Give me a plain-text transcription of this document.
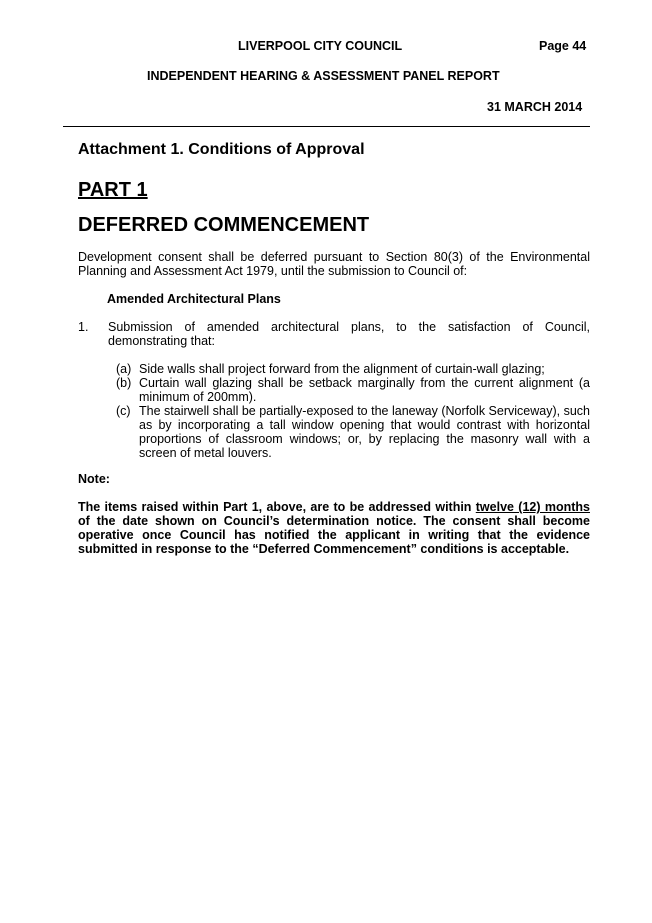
LIVERPOOL CITY COUNCIL	Page 44
INDEPENDENT HEARING & ASSESSMENT PANEL REPORT
31 MARCH 2014
Attachment 1. Conditions of Approval
PART 1
DEFERRED COMMENCEMENT
Development consent shall be deferred pursuant to Section 80(3) of the Environmental Planning and Assessment Act 1979, until the submission to Council of:
Amended Architectural Plans
1. Submission of amended architectural plans, to the satisfaction of Council, demonstrating that:
(a) Side walls shall project forward from the alignment of curtain-wall glazing;
(b) Curtain wall glazing shall be setback marginally from the current alignment (a minimum of 200mm).
(c) The stairwell shall be partially-exposed to the laneway (Norfolk Serviceway), such as by incorporating a tall window opening that would contrast with horizontal proportions of classroom windows; or, by replacing the masonry wall with a screen of metal louvers.
Note:
The items raised within Part 1, above, are to be addressed within twelve (12) months of the date shown on Council’s determination notice. The consent shall become operative once Council has notified the applicant in writing that the evidence submitted in response to the “Deferred Commencement” conditions is acceptable.
